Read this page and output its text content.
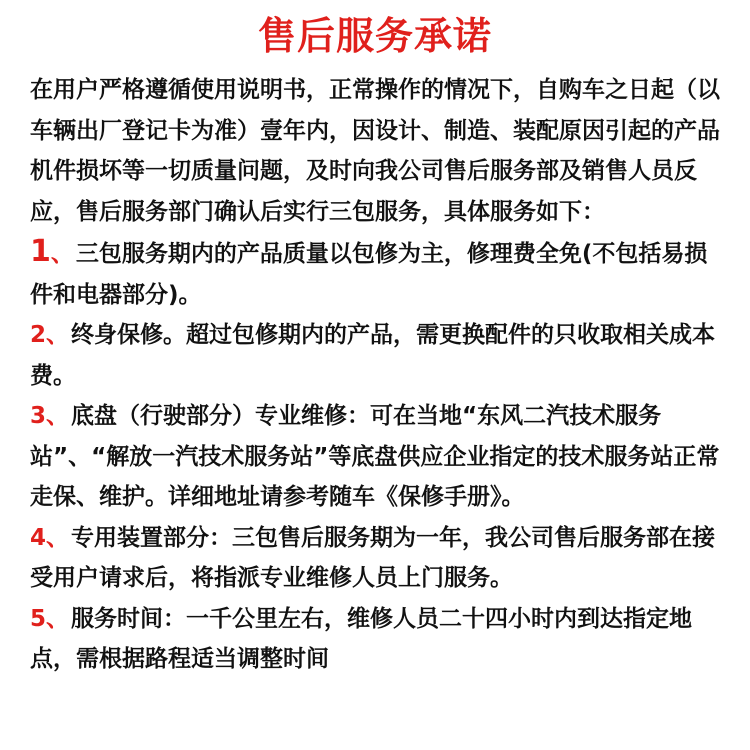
售后服务承诺

在用户严格遵循使用说明书，正常操作的情况下，自购车之日起（以车辆出厂登记卡为准）壹年内，因设计、制造、装配原因引起的产品机件损坏等一切质量问题，及时向我公司售后服务部及销售人员反应，售后服务部门确认后实行三包服务，具体服务如下：

1、三包服务期内的产品质量以包修为主，修理费全免(不包括易损件和电器部分)。

2、终身保修。超过包修期内的产品，需更换配件的只收取相关成本费。

3、底盘（行驶部分）专业维修：可在当地“东风二汽技术服务站”、“解放一汽技术服务站”等底盘供应企业指定的技术服务站正常走保、维护。详细地址请参考随车《保修手册》。

4、专用装置部分：三包售后服务期为一年，我公司售后服务部在接受用户请求后，将指派专业维修人员上门服务。

5、服务时间：一千公里左右，维修人员二十四小时内到达指定地点，需根据路程适当调整时间
